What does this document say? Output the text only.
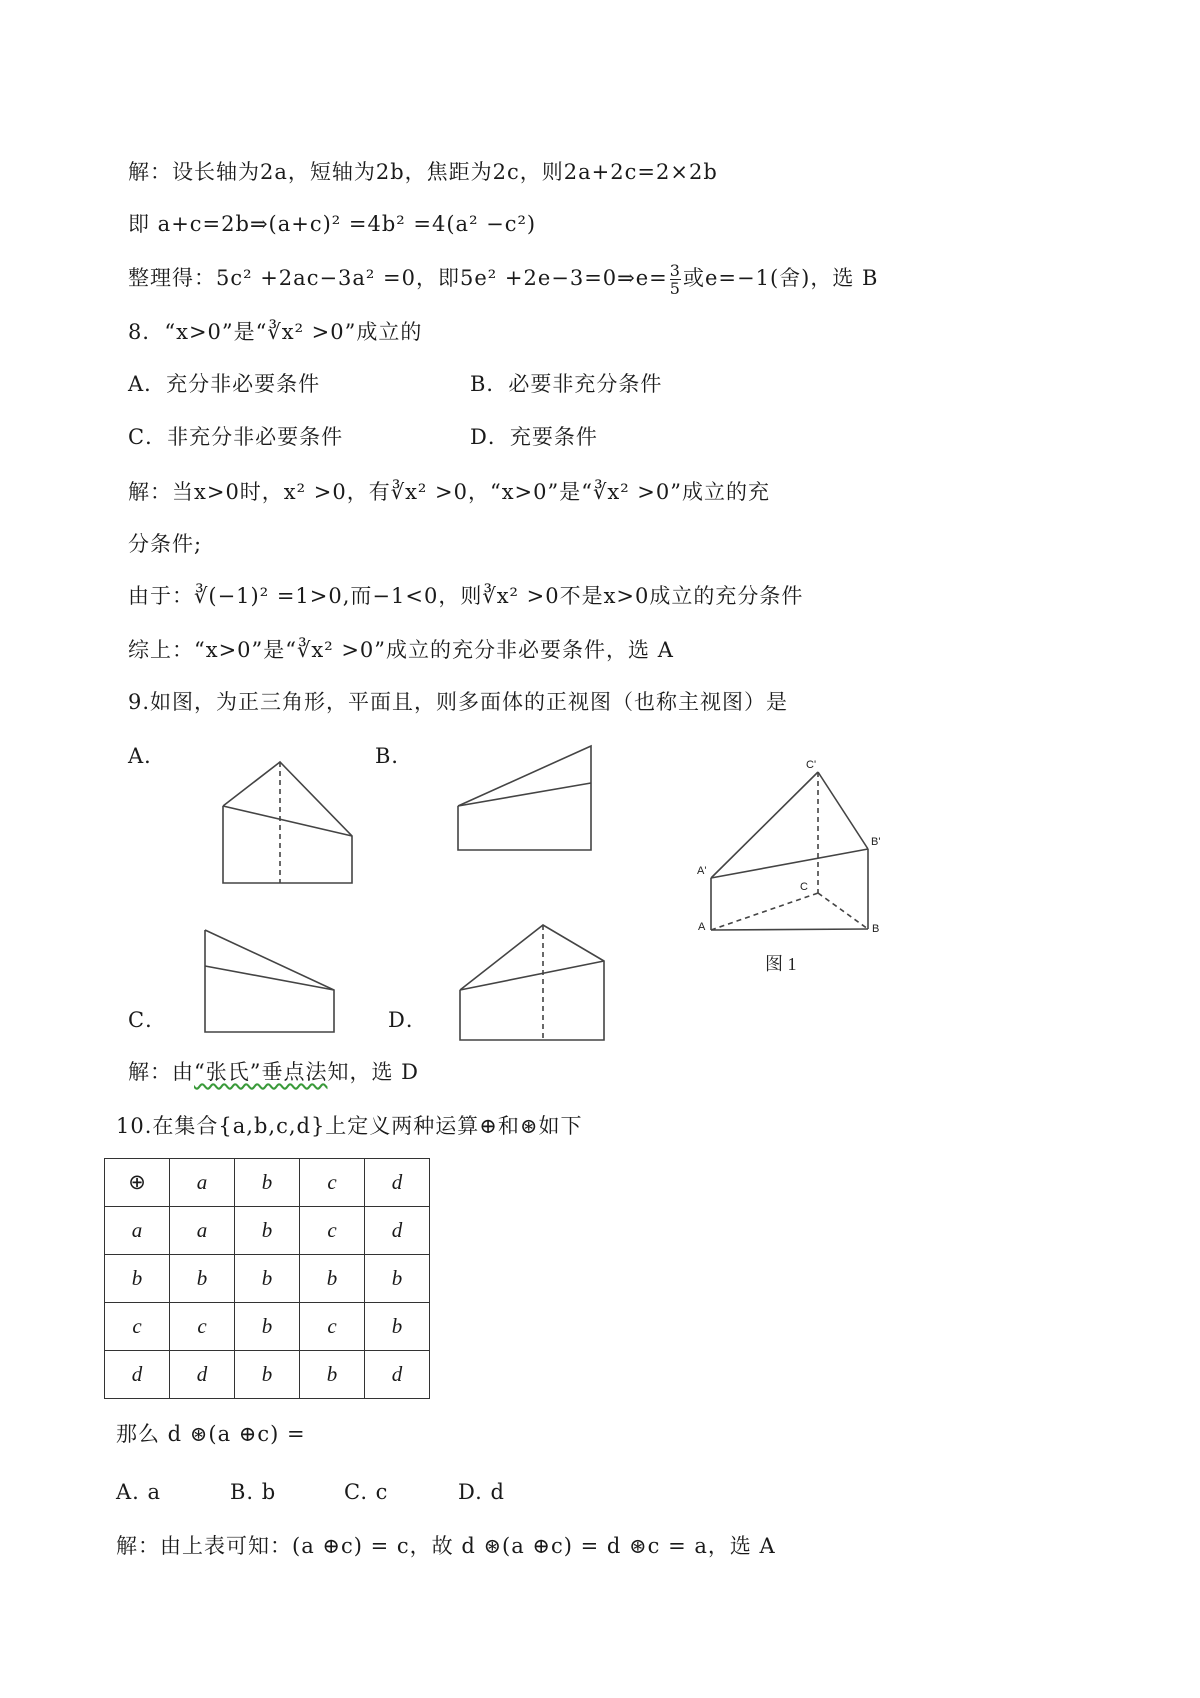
解：设长轴为2a，短轴为2b，焦距为2c，则2a+2c=2×2b
即 a+c=2b⇒(a+c)² =4b² =4(a² −c²)
整理得：5c² +2ac−3a² =0，即5e² +2e−3=0⇒e= $\frac{3}{5}$ 或e=−1(舍)，选 B
8．“x>0”是“∛x² >0”成立的
A．充分非必要条件	B．必要非充分条件
C．非充分非必要条件	D．充要条件
解：当x>0时，x² >0，有∛x² >0，“x>0”是“∛x² >0”成立的充
分条件;
由于：∛(−1)² =1>0,而−1<0，则∛x² >0不是x>0成立的充分条件
综上：“x>0”是“∛x² >0”成立的充分非必要条件，选 A
9.如图，为正三角形，平面且，则多面体的正视图（也称主视图）是
A．	B．
C．	D．
C'
B'
A'
C
A	B
图 1
解：由“张氏”垂点法知，选 D
10.在集合{a,b,c,d}上定义两种运算⊕和⊛如下
⊕	a	b	c	d
a	a	b	c	d
b	b	b	b	b
c	c	b	c	b
d	d	b	b	d
那么 d ⊛(a ⊕c) =
A. a	B. b	C. c	D. d
解：由上表可知：(a ⊕c) = c，故 d ⊛(a ⊕c) = d ⊛c = a，选 A
